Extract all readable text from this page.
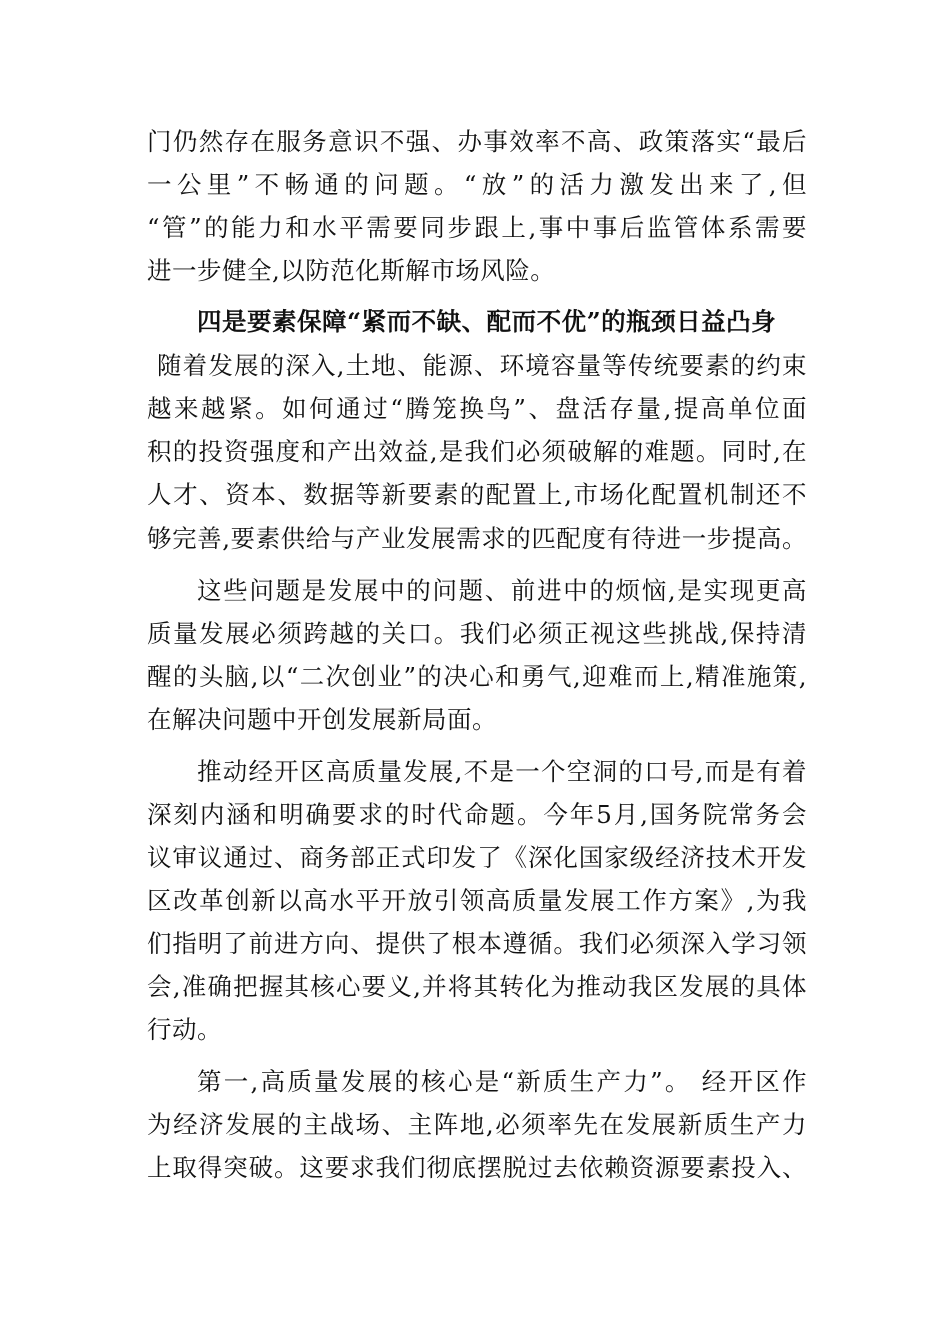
门仍然存在服务意识不强、办事效率不高、政策落实“最后
一公里”不畅通的问题。“放”的活力激发出来了,但
“管”的能力和水平需要同步跟上,事中事后监管体系需要
进一步健全,以防范化斯解市场风险。
四是要素保障“紧而不缺、配而不优”的瓶颈日益凸身
随着发展的深入,土地、能源、环境容量等传统要素的约束
越来越紧。如何通过“腾笼换鸟”、盘活存量,提高单位面
积的投资强度和产出效益,是我们必须破解的难题。同时,在
人才、资本、数据等新要素的配置上,市场化配置机制还不
够完善,要素供给与产业发展需求的匹配度有待进一步提高。
这些问题是发展中的问题、前进中的烦恼,是实现更高
质量发展必须跨越的关口。我们必须正视这些挑战,保持清
醒的头脑,以“二次创业”的决心和勇气,迎难而上,精准施策,
在解决问题中开创发展新局面。
推动经开区高质量发展,不是一个空洞的口号,而是有着
深刻内涵和明确要求的时代命题。今年5月,国务院常务会
议审议通过、商务部正式印发了《深化国家级经济技术开发
区改革创新以高水平开放引领高质量发展工作方案》,为我
们指明了前进方向、提供了根本遵循。我们必须深入学习领
会,准确把握其核心要义,并将其转化为推动我区发展的具体
行动。
第一,高质量发展的核心是“新质生产力”。 经开区作
为经济发展的主战场、主阵地,必须率先在发展新质生产力
上取得突破。这要求我们彻底摆脱过去依赖资源要素投入、
